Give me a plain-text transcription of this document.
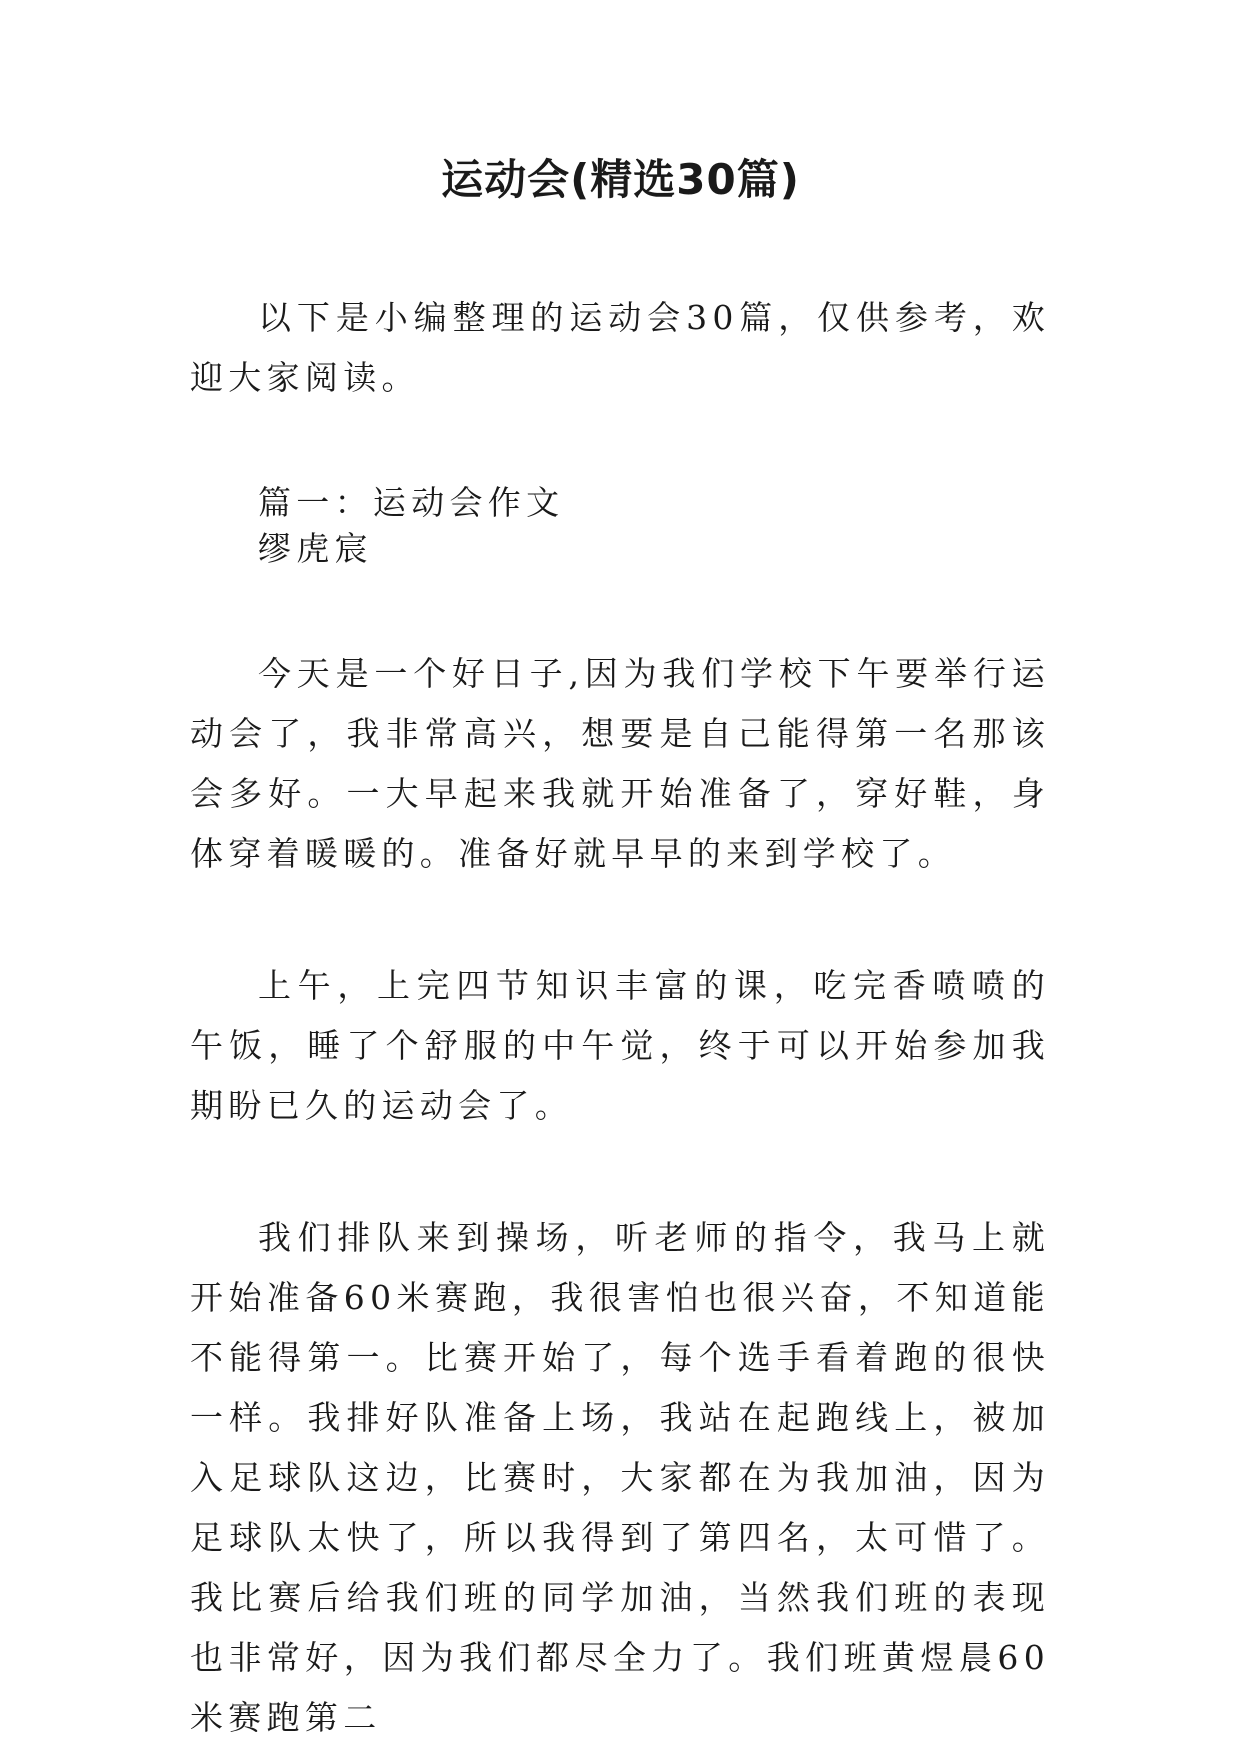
运动会(精选30篇)

以下是小编整理的运动会30篇，仅供参考，欢迎大家阅读。

篇一：运动会作文

缪虎宸

今天是一个好日子,因为我们学校下午要举行运动会了，我非常高兴，想要是自己能得第一名那该会多好。一大早起来我就开始准备了，穿好鞋，身体穿着暖暖的。准备好就早早的来到学校了。

上午，上完四节知识丰富的课，吃完香喷喷的午饭，睡了个舒服的中午觉，终于可以开始参加我期盼已久的运动会了。

我们排队来到操场，听老师的指令，我马上就开始准备60米赛跑，我很害怕也很兴奋，不知道能不能得第一。比赛开始了，每个选手看着跑的很快一样。我排好队准备上场，我站在起跑线上，被加入足球队这边，比赛时，大家都在为我加油，因为足球队太快了，所以我得到了第四名，太可惜了。我比赛后给我们班的同学加油，当然我们班的表现也非常好，因为我们都尽全力了。我们班黄煜晨60米赛跑第二
